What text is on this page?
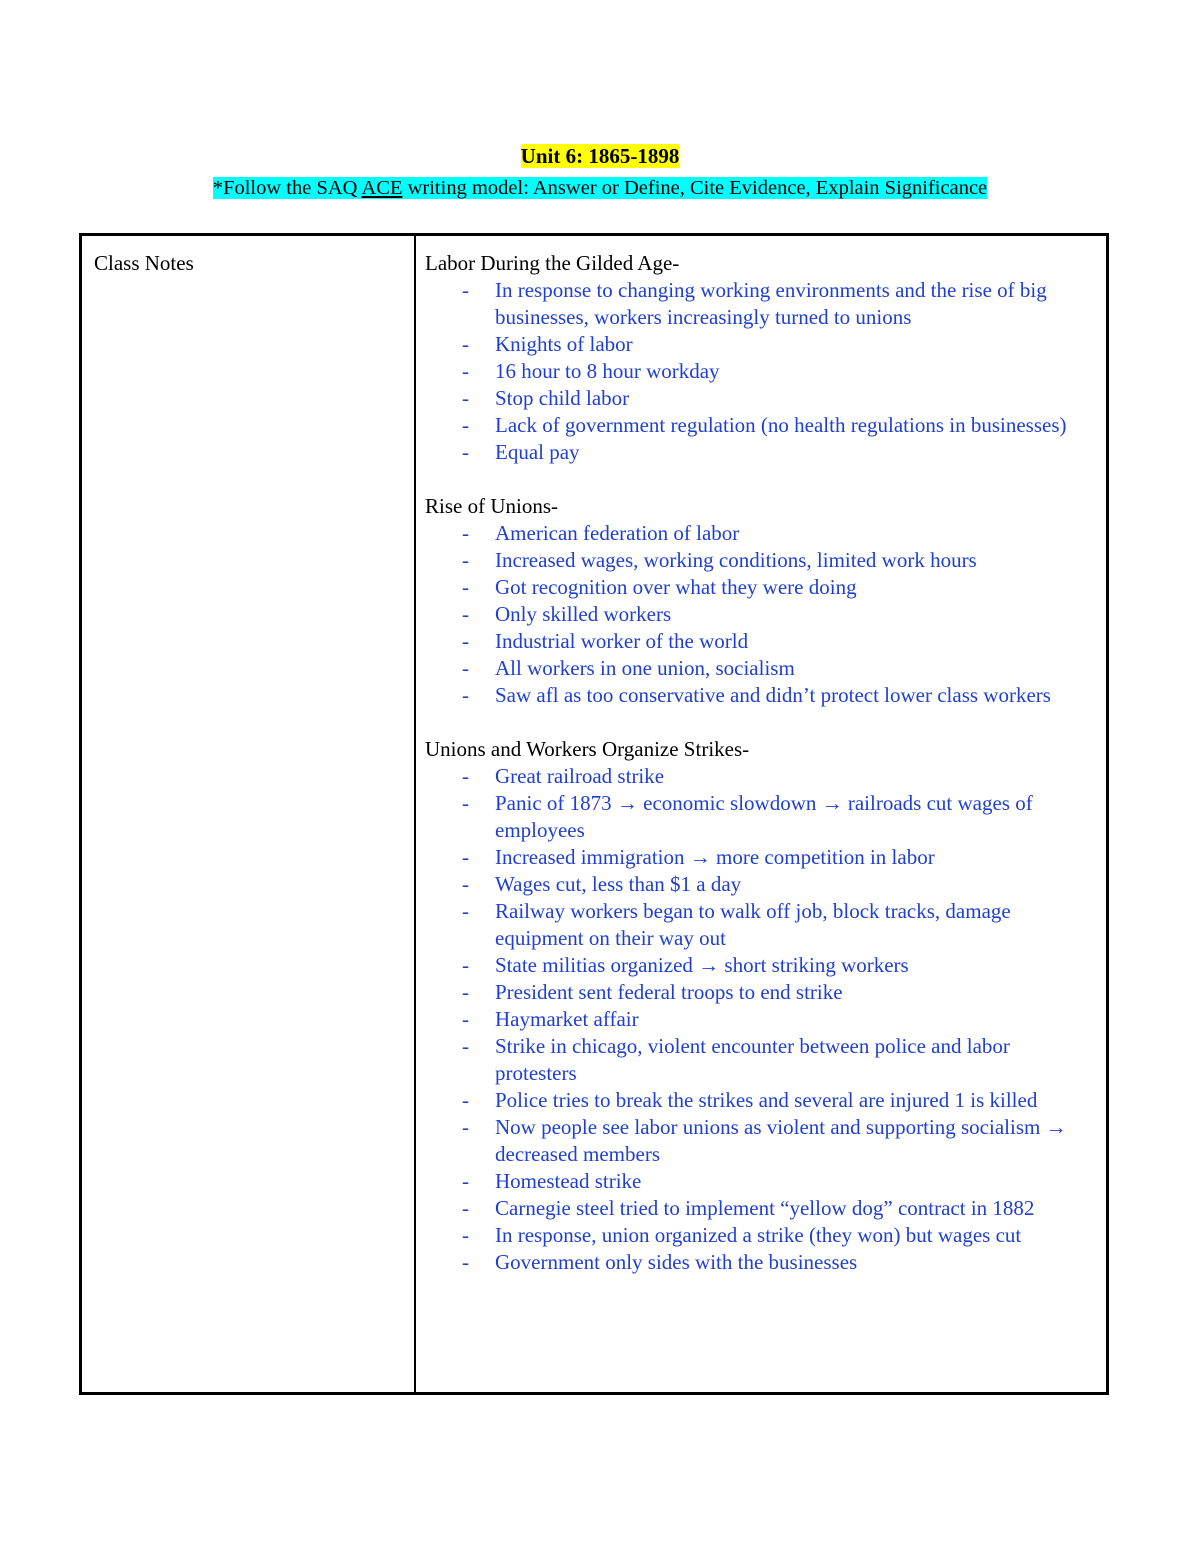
Unit 6: 1865-1898
*Follow the SAQ ACE writing model: Answer or Define, Cite Evidence, Explain Significance
Class Notes	Labor During the Gilded Age-
- In response to changing working environments and the rise of big businesses, workers increasingly turned to unions
- Knights of labor
- 16 hour to 8 hour workday
- Stop child labor
- Lack of government regulation (no health regulations in businesses)
- Equal pay
Rise of Unions-
- American federation of labor
- Increased wages, working conditions, limited work hours
- Got recognition over what they were doing
- Only skilled workers
- Industrial worker of the world
- All workers in one union, socialism
- Saw afl as too conservative and didn’t protect lower class workers
Unions and Workers Organize Strikes-
- Great railroad strike
- Panic of 1873 → economic slowdown → railroads cut wages of employees
- Increased immigration → more competition in labor
- Wages cut, less than $1 a day
- Railway workers began to walk off job, block tracks, damage equipment on their way out
- State militias organized → short striking workers
- President sent federal troops to end strike
- Haymarket affair
- Strike in chicago, violent encounter between police and labor protesters
- Police tries to break the strikes and several are injured 1 is killed
- Now people see labor unions as violent and supporting socialism → decreased members
- Homestead strike
- Carnegie steel tried to implement “yellow dog” contract in 1882
- In response, union organized a strike (they won) but wages cut
- Government only sides with the businesses
